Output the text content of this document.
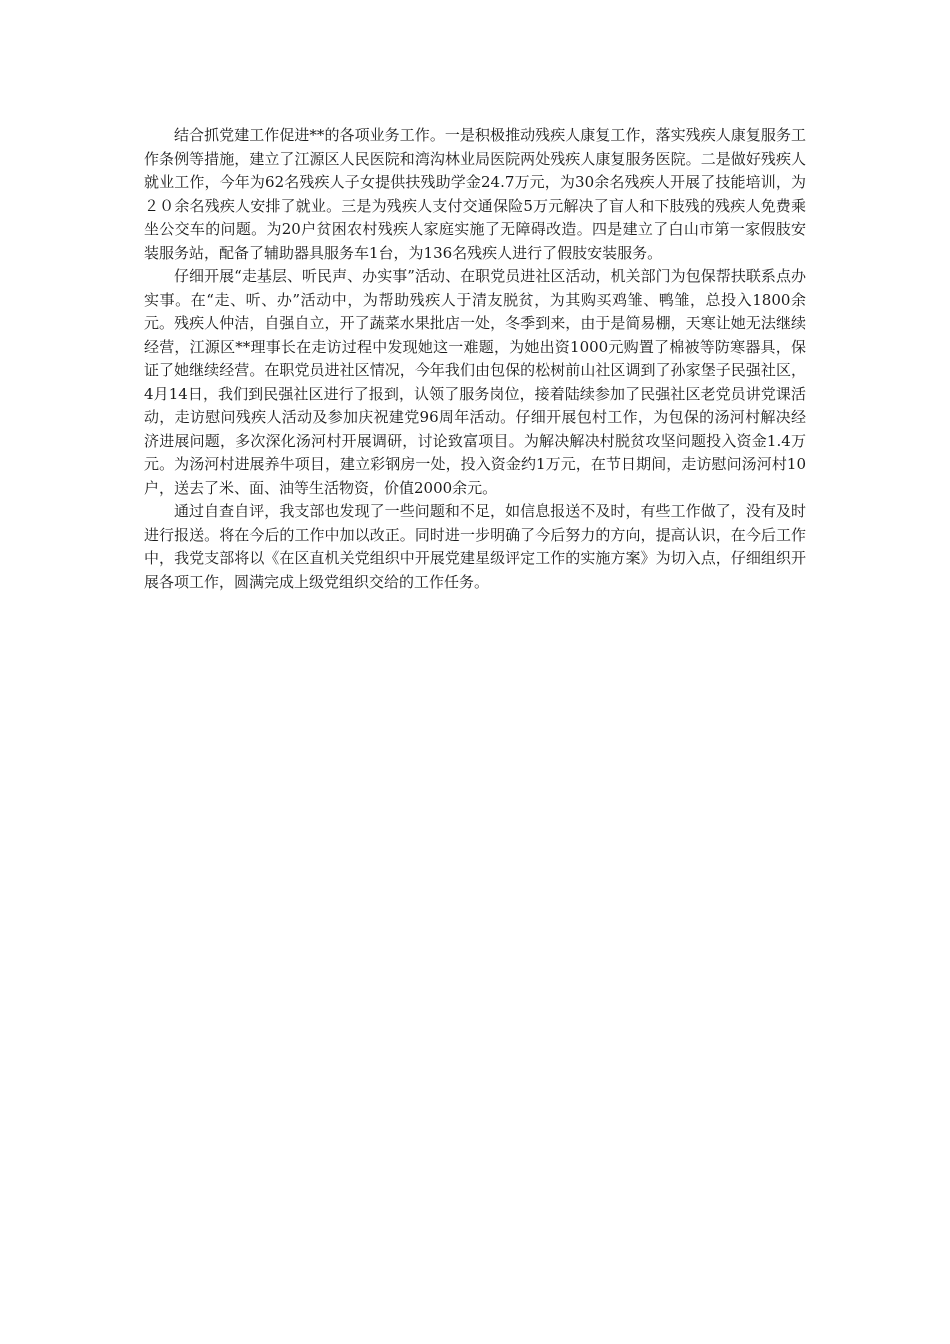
结合抓党建工作促进**的各项业务工作。一是积极推动残疾人康复工作，落实残疾人康复服务工作条例等措施，建立了江源区人民医院和湾沟林业局医院两处残疾人康复服务医院。二是做好残疾人就业工作，今年为62名残疾人子女提供扶残助学金24.7万元，为30余名残疾人开展了技能培训，为２０余名残疾人安排了就业。三是为残疾人支付交通保险5万元解决了盲人和下肢残的残疾人免费乘坐公交车的问题。为20户贫困农村残疾人家庭实施了无障碍改造。四是建立了白山市第一家假肢安装服务站，配备了辅助器具服务车1台，为136名残疾人进行了假肢安装服务。

仔细开展“走基层、听民声、办实事”活动、在职党员进社区活动，机关部门为包保帮扶联系点办实事。在“走、听、办”活动中，为帮助残疾人于清友脱贫，为其购买鸡雏、鸭雏，总投入1800余元。残疾人仲洁，自强自立，开了蔬菜水果批店一处，冬季到来，由于是简易棚，天寒让她无法继续经营，江源区**理事长在走访过程中发现她这一难题，为她出资1000元购置了棉被等防寒器具，保证了她继续经营。在职党员进社区情况，今年我们由包保的松树前山社区调到了孙家堡子民强社区，4月14日，我们到民强社区进行了报到，认领了服务岗位，接着陆续参加了民强社区老党员讲党课活动，走访慰问残疾人活动及参加庆祝建党96周年活动。仔细开展包村工作，为包保的汤河村解决经济进展问题，多次深化汤河村开展调研，讨论致富项目。为解决解决村脱贫攻坚问题投入资金1.4万元。为汤河村进展养牛项目，建立彩钢房一处，投入资金约1万元，在节日期间，走访慰问汤河村10户，送去了米、面、油等生活物资，价值2000余元。

通过自查自评，我支部也发现了一些问题和不足，如信息报送不及时，有些工作做了，没有及时进行报送。将在今后的工作中加以改正。同时进一步明确了今后努力的方向，提高认识，在今后工作中，我党支部将以《在区直机关党组织中开展党建星级评定工作的实施方案》为切入点，仔细组织开展各项工作，圆满完成上级党组织交给的工作任务。
